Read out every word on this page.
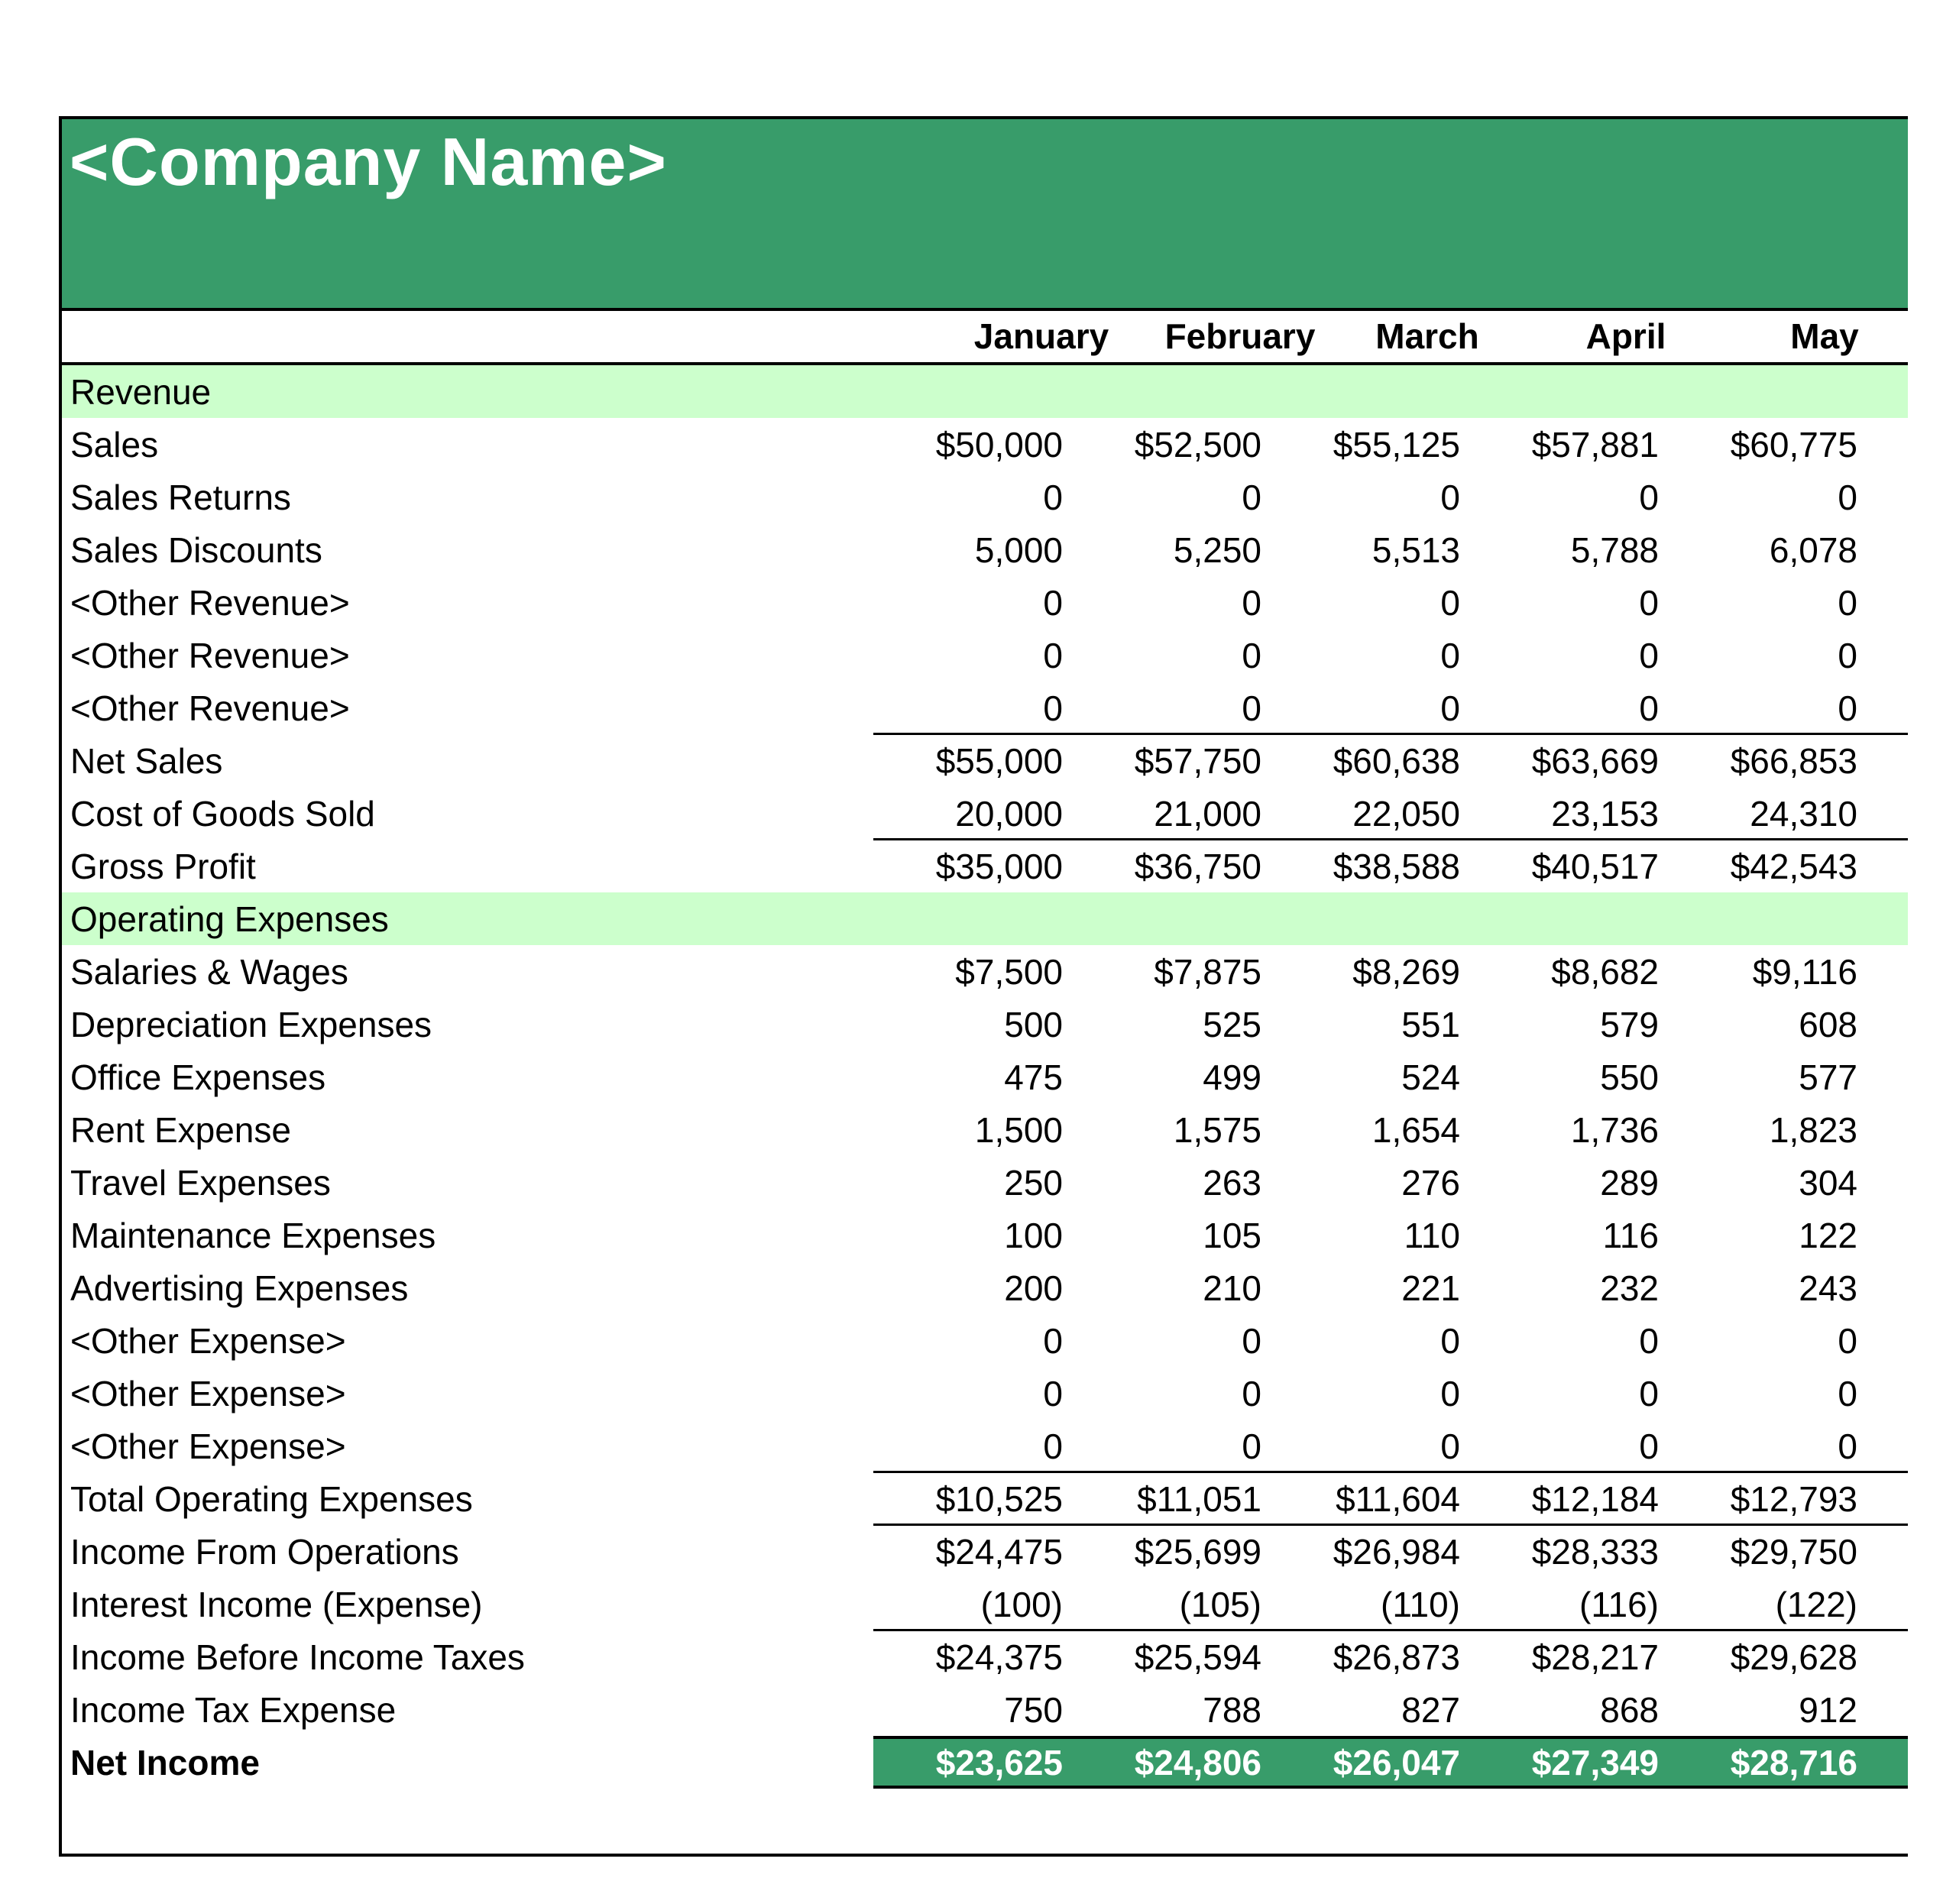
<Company Name>
January	February	March	April	May
Revenue
Sales	$50,000	$52,500	$55,125	$57,881	$60,775
Sales Returns	0	0	0	0	0
Sales Discounts	5,000	5,250	5,513	5,788	6,078
<Other Revenue>	0	0	0	0	0
<Other Revenue>	0	0	0	0	0
<Other Revenue>	0	0	0	0	0
Net Sales	$55,000	$57,750	$60,638	$63,669	$66,853
Cost of Goods Sold	20,000	21,000	22,050	23,153	24,310
Gross Profit	$35,000	$36,750	$38,588	$40,517	$42,543
Operating Expenses
Salaries & Wages	$7,500	$7,875	$8,269	$8,682	$9,116
Depreciation Expenses	500	525	551	579	608
Office Expenses	475	499	524	550	577
Rent Expense	1,500	1,575	1,654	1,736	1,823
Travel Expenses	250	263	276	289	304
Maintenance Expenses	100	105	110	116	122
Advertising Expenses	200	210	221	232	243
<Other Expense>	0	0	0	0	0
<Other Expense>	0	0	0	0	0
<Other Expense>	0	0	0	0	0
Total Operating Expenses	$10,525	$11,051	$11,604	$12,184	$12,793
Income From Operations	$24,475	$25,699	$26,984	$28,333	$29,750
Interest Income (Expense)	(100)	(105)	(110)	(116)	(122)
Income Before Income Taxes	$24,375	$25,594	$26,873	$28,217	$29,628
Income Tax Expense	750	788	827	868	912
Net Income	$23,625	$24,806	$26,047	$27,349	$28,716
